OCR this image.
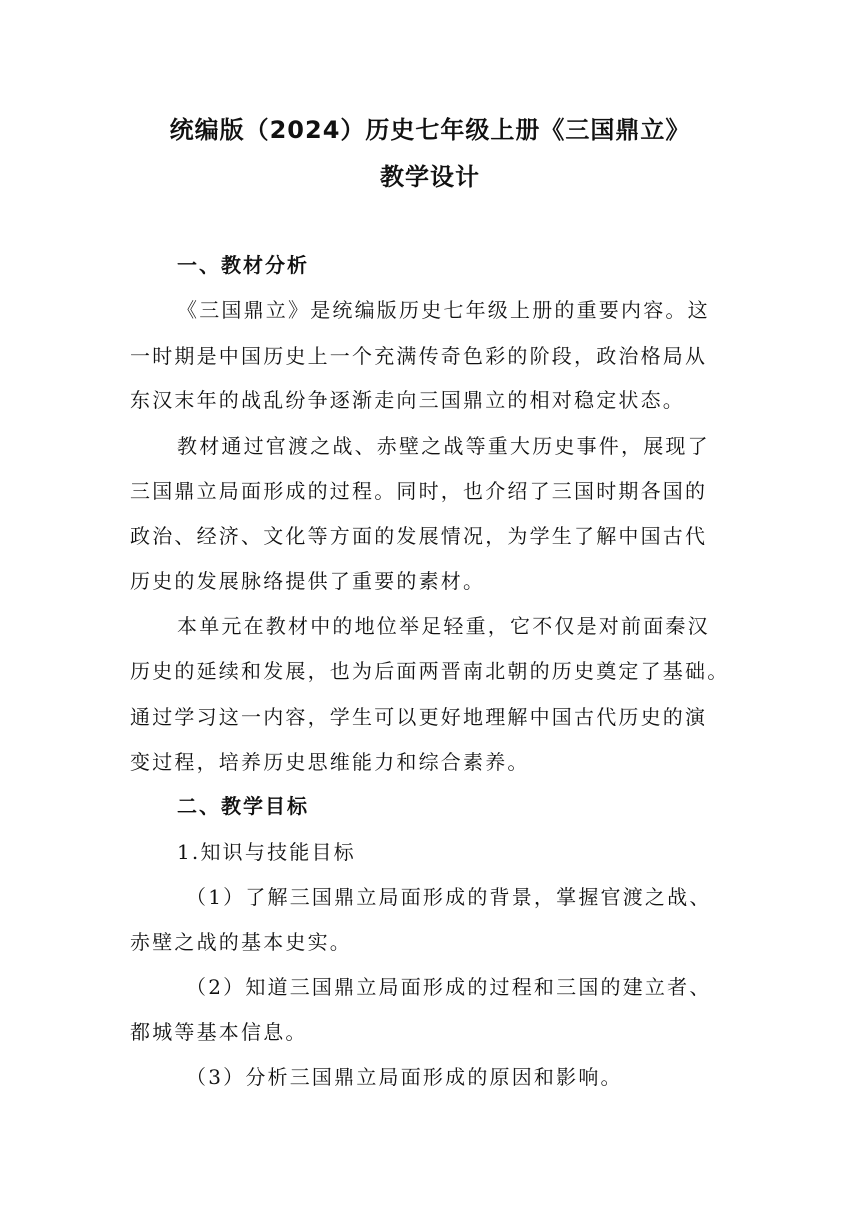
统编版（2024）历史七年级上册《三国鼎立》
教学设计
一、教材分析
《三国鼎立》是统编版历史七年级上册的重要内容。这
一时期是中国历史上一个充满传奇色彩的阶段，政治格局从
东汉末年的战乱纷争逐渐走向三国鼎立的相对稳定状态。
教材通过官渡之战、赤壁之战等重大历史事件，展现了
三国鼎立局面形成的过程。同时，也介绍了三国时期各国的
政治、经济、文化等方面的发展情况，为学生了解中国古代
历史的发展脉络提供了重要的素材。
本单元在教材中的地位举足轻重，它不仅是对前面秦汉
历史的延续和发展，也为后面两晋南北朝的历史奠定了基础。
通过学习这一内容，学生可以更好地理解中国古代历史的演
变过程，培养历史思维能力和综合素养。
二、教学目标
1.知识与技能目标
（1）了解三国鼎立局面形成的背景，掌握官渡之战、
赤壁之战的基本史实。
（2）知道三国鼎立局面形成的过程和三国的建立者、
都城等基本信息。
（3）分析三国鼎立局面形成的原因和影响。
